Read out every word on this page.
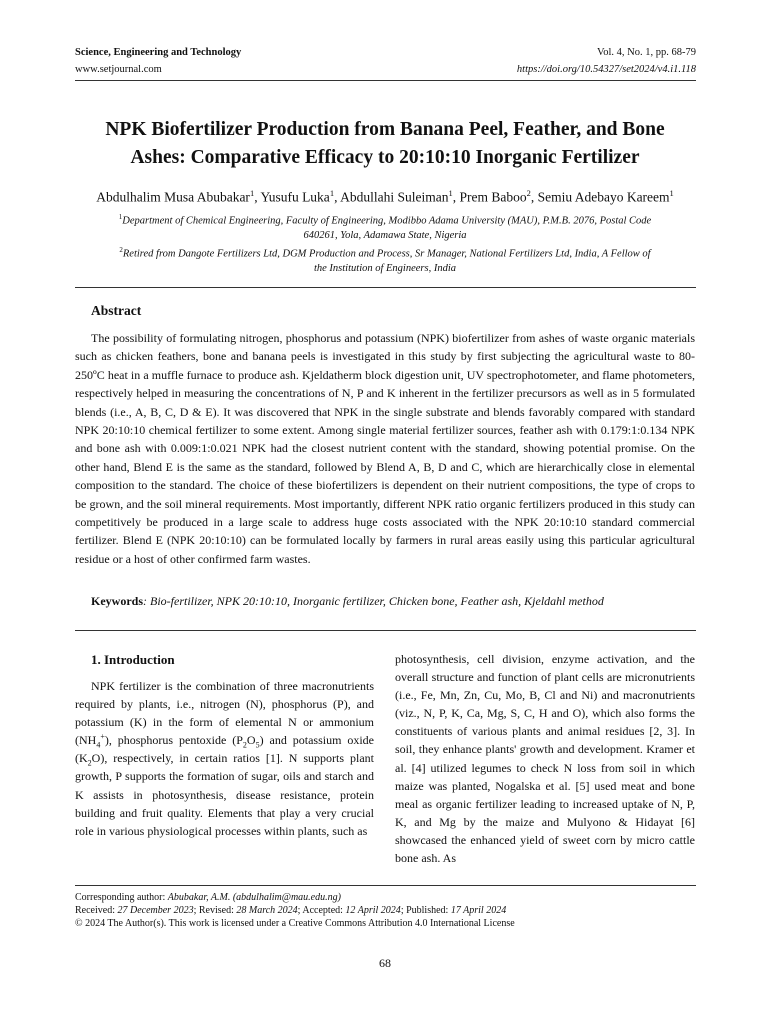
Science, Engineering and Technology
www.setjournal.com
Vol. 4, No. 1, pp. 68-79
https://doi.org/10.54327/set2024/v4.i1.118
NPK Biofertilizer Production from Banana Peel, Feather, and Bone
Ashes: Comparative Efficacy to 20:10:10 Inorganic Fertilizer
Abdulhalim Musa Abubakar$^1$, Yusufu Luka$^1$, Abdullahi Suleiman$^1$, Prem Baboo$^2$, Semiu Adebayo Kareem$^1$
$^1$Department of Chemical Engineering, Faculty of Engineering, Modibbo Adama University (MAU), P.M.B. 2076, Postal Code
640261, Yola, Adamawa State, Nigeria
$^2$Retired from Dangote Fertilizers Ltd, DGM Production and Process, Sr Manager, National Fertilizers Ltd, India, A Fellow of
the Institution of Engineers, India
Abstract
The possibility of formulating nitrogen, phosphorus and potassium (NPK) biofertilizer from ashes of waste organic materials such as chicken feathers, bone and banana peels is investigated in this study by first subjecting the agricultural waste to 80-250ºC heat in a muffle furnace to produce ash. Kjeldatherm block digestion unit, UV spectrophotometer, and flame photometers, respectively helped in measuring the concentrations of N, P and K inherent in the fertilizer precursors as well as in 5 formulated blends (i.e., A, B, C, D & E). It was discovered that NPK in the single substrate and blends favorably compared with standard NPK 20:10:10 chemical fertilizer to some extent. Among single material fertilizer sources, feather ash with 0.179:1:0.134 NPK and bone ash with 0.009:1:0.021 NPK had the closest nutrient content with the standard, showing potential promise. On the other hand, Blend E is the same as the standard, followed by Blend A, B, D and C, which are hierarchically close in elemental composition to the standard. The choice of these biofertilizers is dependent on their nutrient compositions, the type of crops to be grown, and the soil mineral requirements. Most importantly, different NPK ratio organic fertilizers produced in this study can competitively be produced in a large scale to address huge costs associated with the NPK 20:10:10 standard commercial fertilizer. Blend E (NPK 20:10:10) can be formulated locally by farmers in rural areas easily using this particular agricultural residue or a host of other confirmed farm wastes.
Keywords: Bio-fertilizer, NPK 20:10:10, Inorganic fertilizer, Chicken bone, Feather ash, Kjeldahl method
1. Introduction
NPK fertilizer is the combination of three macronutrients required by plants, i.e., nitrogen (N), phosphorus (P), and potassium (K) in the form of elemental N or ammonium $(NH_4^+)$, phosphorus pentoxide $(P_2O_5)$ and potassium oxide $(K_2O)$, respectively, in certain ratios [1]. N supports plant growth, P supports the formation of sugar, oils and starch and K assists in photosynthesis, disease resistance, protein building and fruit quality. Elements that play a very crucial role in various physiological processes within plants, such as
photosynthesis, cell division, enzyme activation, and the overall structure and function of plant cells are micronutrients (i.e., Fe, Mn, Zn, Cu, Mo, B, Cl and Ni) and macronutrients (viz., N, P, K, Ca, Mg, S, C, H and O), which also forms the constituents of various plants and animal residues [2, 3]. In soil, they enhance plants' growth and development. Kramer et al. [4] utilized legumes to check N loss from soil in which maize was planted, Nogalska et al. [5] used meat and bone meal as organic fertilizer leading to increased uptake of N, P, K, and Mg by the maize and Mulyono & Hidayat [6] showcased the enhanced yield of sweet corn by micro cattle bone ash. As
Corresponding author: Abubakar, A.M. (abdulhalim@mau.edu.ng)
Received: 27 December 2023; Revised: 28 March 2024; Accepted: 12 April 2024; Published: 17 April 2024
© 2024 The Author(s). This work is licensed under a Creative Commons Attribution 4.0 International License
68
